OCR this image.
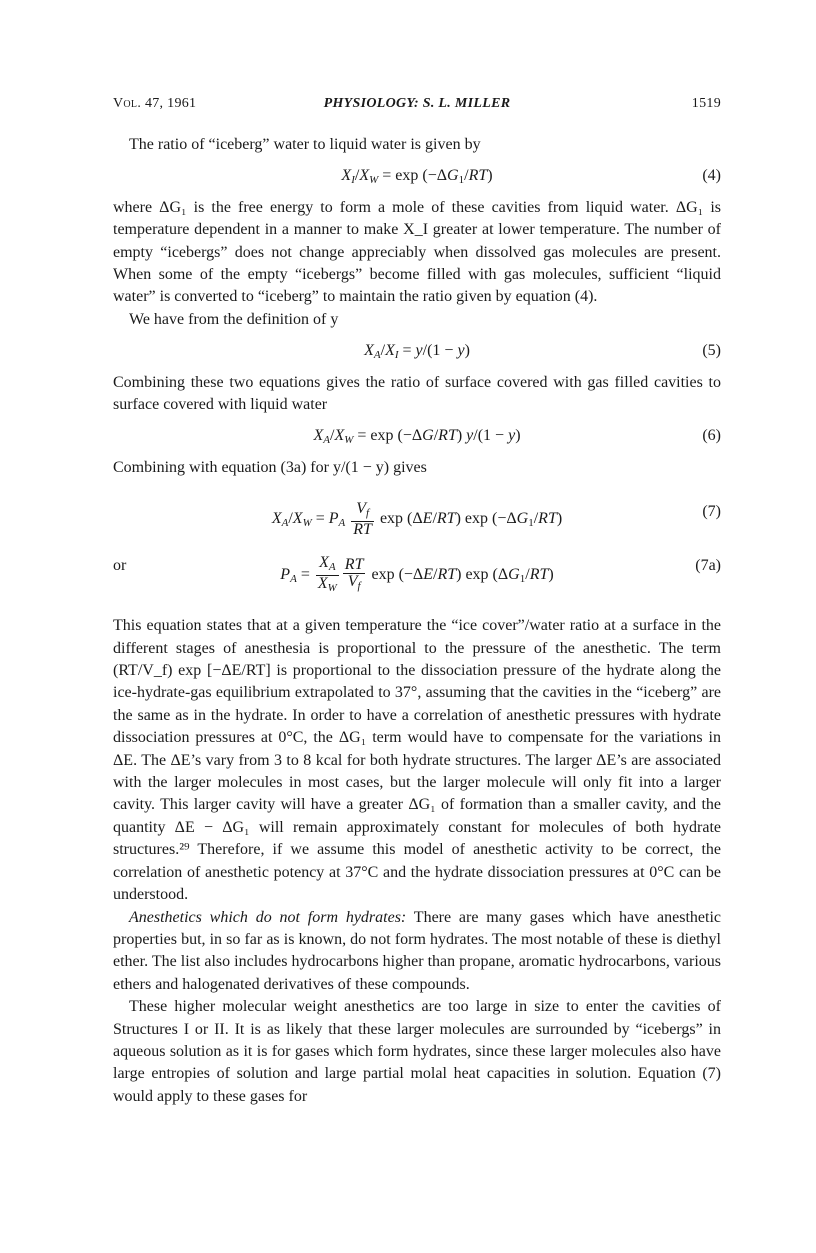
Vol. 47, 1961	PHYSIOLOGY: S. L. MILLER	1519

The ratio of “iceberg” water to liquid water is given by

$X_I/X_W = \exp (-\Delta G_1/RT)$	(4)

where ΔG₁ is the free energy to form a mole of these cavities from liquid water. ΔG₁ is temperature dependent in a manner to make X_I greater at lower temperature. The number of empty “icebergs” does not change appreciably when dissolved gas molecules are present. When some of the empty “icebergs” become filled with gas molecules, sufficient “liquid water” is converted to “iceberg” to maintain the ratio given by equation (4).

We have from the definition of y

$X_A/X_I = y/(1 - y)$	(5)

Combining these two equations gives the ratio of surface covered with gas filled cavities to surface covered with liquid water

$X_A/X_W = \exp (-\Delta G/RT) y/(1 - y)$	(6)

Combining with equation (3a) for y/(1 − y) gives

$X_A/X_W = P_A \frac{V_f}{RT}$ exp (ΔE/RT) $\exp (-\Delta G_1/RT)$	(7)
or
$P_A = \frac{X_A}{X_W} \frac{RT}{V_f}$ exp (−ΔE/RT) $\exp (\Delta G_1/RT)$
(7a)

This equation states that at a given temperature the “ice cover”/water ratio at a surface in the different stages of anesthesia is proportional to the pressure of the anesthetic. The term (RT/V_f) exp [−ΔE/RT] is proportional to the dissociation pressure of the hydrate along the ice-hydrate-gas equilibrium extrapolated to 37°, assuming that the cavities in the “iceberg” are the same as in the hydrate. In order to have a correlation of anesthetic pressures with hydrate dissociation pressures at 0°C, the ΔG₁ term would have to compensate for the variations in ΔE. The ΔE’s vary from 3 to 8 kcal for both hydrate structures. The larger ΔE’s are associated with the larger molecules in most cases, but the larger molecule will only fit into a larger cavity. This larger cavity will have a greater ΔG₁ of formation than a smaller cavity, and the quantity ΔE − ΔG₁ will remain approximately constant for molecules of both hydrate structures.²⁹ Therefore, if we assume this model of anesthetic activity to be correct, the correlation of anesthetic potency at 37°C and the hydrate dissociation pressures at 0°C can be understood.

Anesthetics which do not form hydrates: There are many gases which have anesthetic properties but, in so far as is known, do not form hydrates. The most notable of these is diethyl ether. The list also includes hydrocarbons higher than propane, aromatic hydrocarbons, various ethers and halogenated derivatives of these compounds.

These higher molecular weight anesthetics are too large in size to enter the cavities of Structures I or II. It is as likely that these larger molecules are surrounded by “icebergs” in aqueous solution as it is for gases which form hydrates, since these larger molecules also have large entropies of solution and large partial molal heat capacities in solution. Equation (7) would apply to these gases for
